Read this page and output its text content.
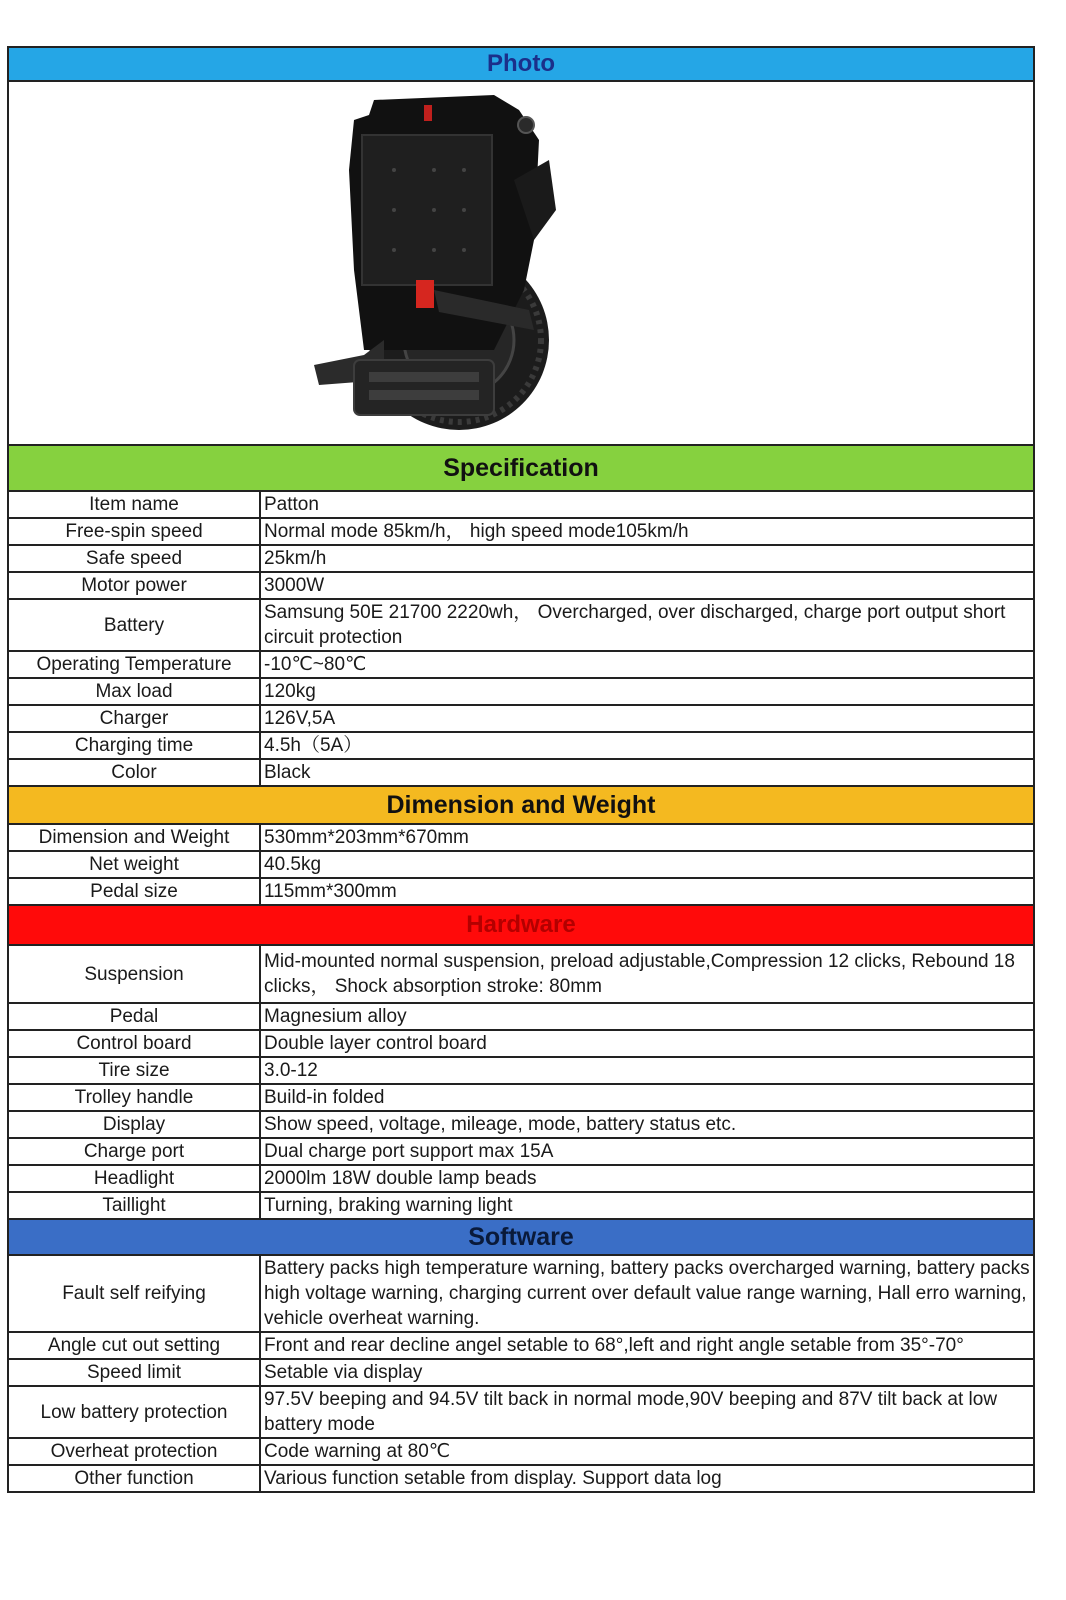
Photo
Specification
Item name	Patton
Free-spin speed	Normal mode 85km/h， high speed mode105km/h
Safe speed	25km/h
Motor power	3000W
Battery	Samsung 50E 21700 2220wh， Overcharged, over discharged, charge port output short circuit protection
Operating Temperature	-10℃~80℃
Max load	120kg
Charger	126V,5A
Charging time	4.5h（5A）
Color	Black
Dimension and Weight
Dimension and Weight	530mm*203mm*670mm
Net weight	40.5kg
Pedal size	115mm*300mm
Hardware
Suspension	Mid-mounted normal suspension, preload adjustable,Compression 12 clicks, Rebound 18 clicks， Shock absorption stroke: 80mm
Pedal	Magnesium alloy
Control board	Double layer control board
Tire size	3.0-12
Trolley handle	Build-in folded
Display	Show speed, voltage, mileage, mode, battery status etc.
Charge port	Dual charge port support max 15A
Headlight	2000lm 18W double lamp beads
Taillight	Turning, braking warning light
Software
Fault self reifying	Battery packs high temperature warning, battery packs overcharged warning, battery packs high voltage warning, charging current over default value range warning, Hall erro warning, vehicle overheat warning.
Angle cut out setting	Front and rear decline angel setable to 68°,left and right angle setable from 35°-70°
Speed limit	Setable via display
Low battery protection	97.5V beeping and 94.5V tilt back in normal mode,90V beeping and 87V tilt back at low battery mode
Overheat protection	Code warning at 80℃
Other function	Various function setable from display. Support data log
